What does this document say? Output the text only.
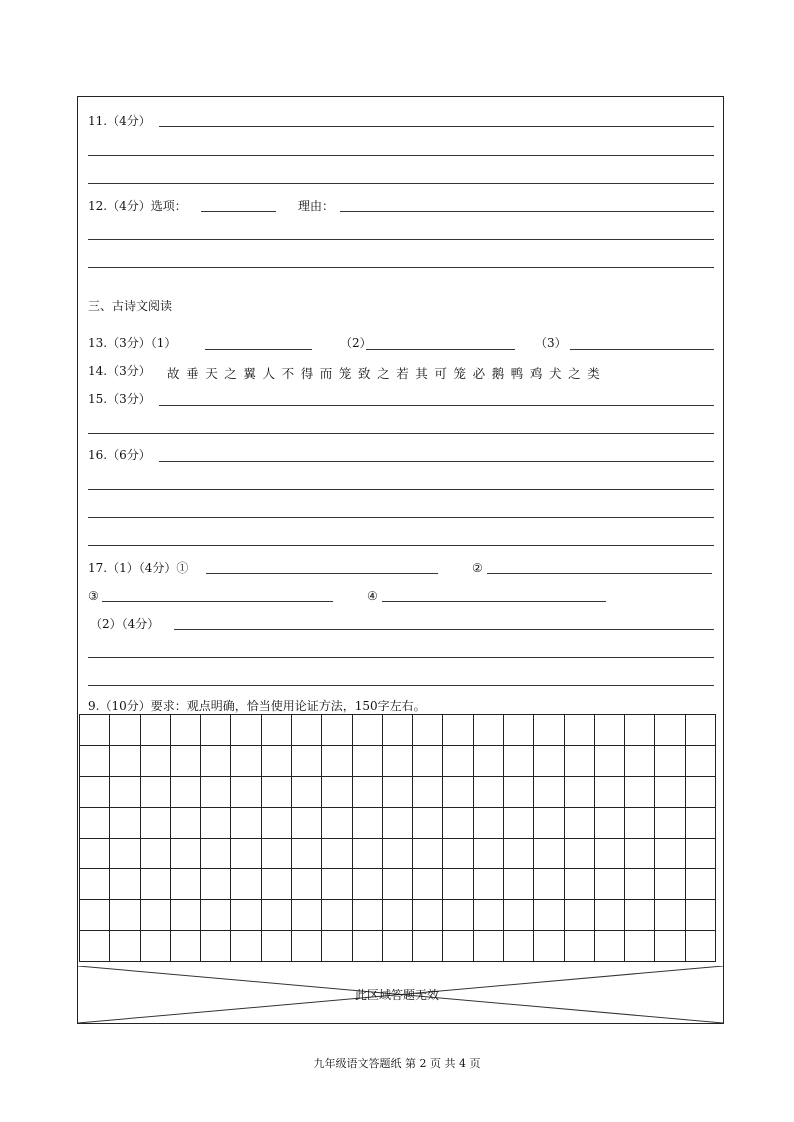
11.（4分）
12.（4分）选项：	理由：
三、古诗文阅读
13.（3分）（1）	（2）	（3）
14.（3分） 故垂天之翼人不得而笼致之若其可笼必鹅鸭鸡犬之类
15.（3分）
16.（6分）
17.（1）（4分）①	②
③	④
（2）（4分）
9.（10分）要求：观点明确，恰当使用论证方法，150字左右。
此区域答题无效
九年级语文答题纸 第 2 页 共 4 页
